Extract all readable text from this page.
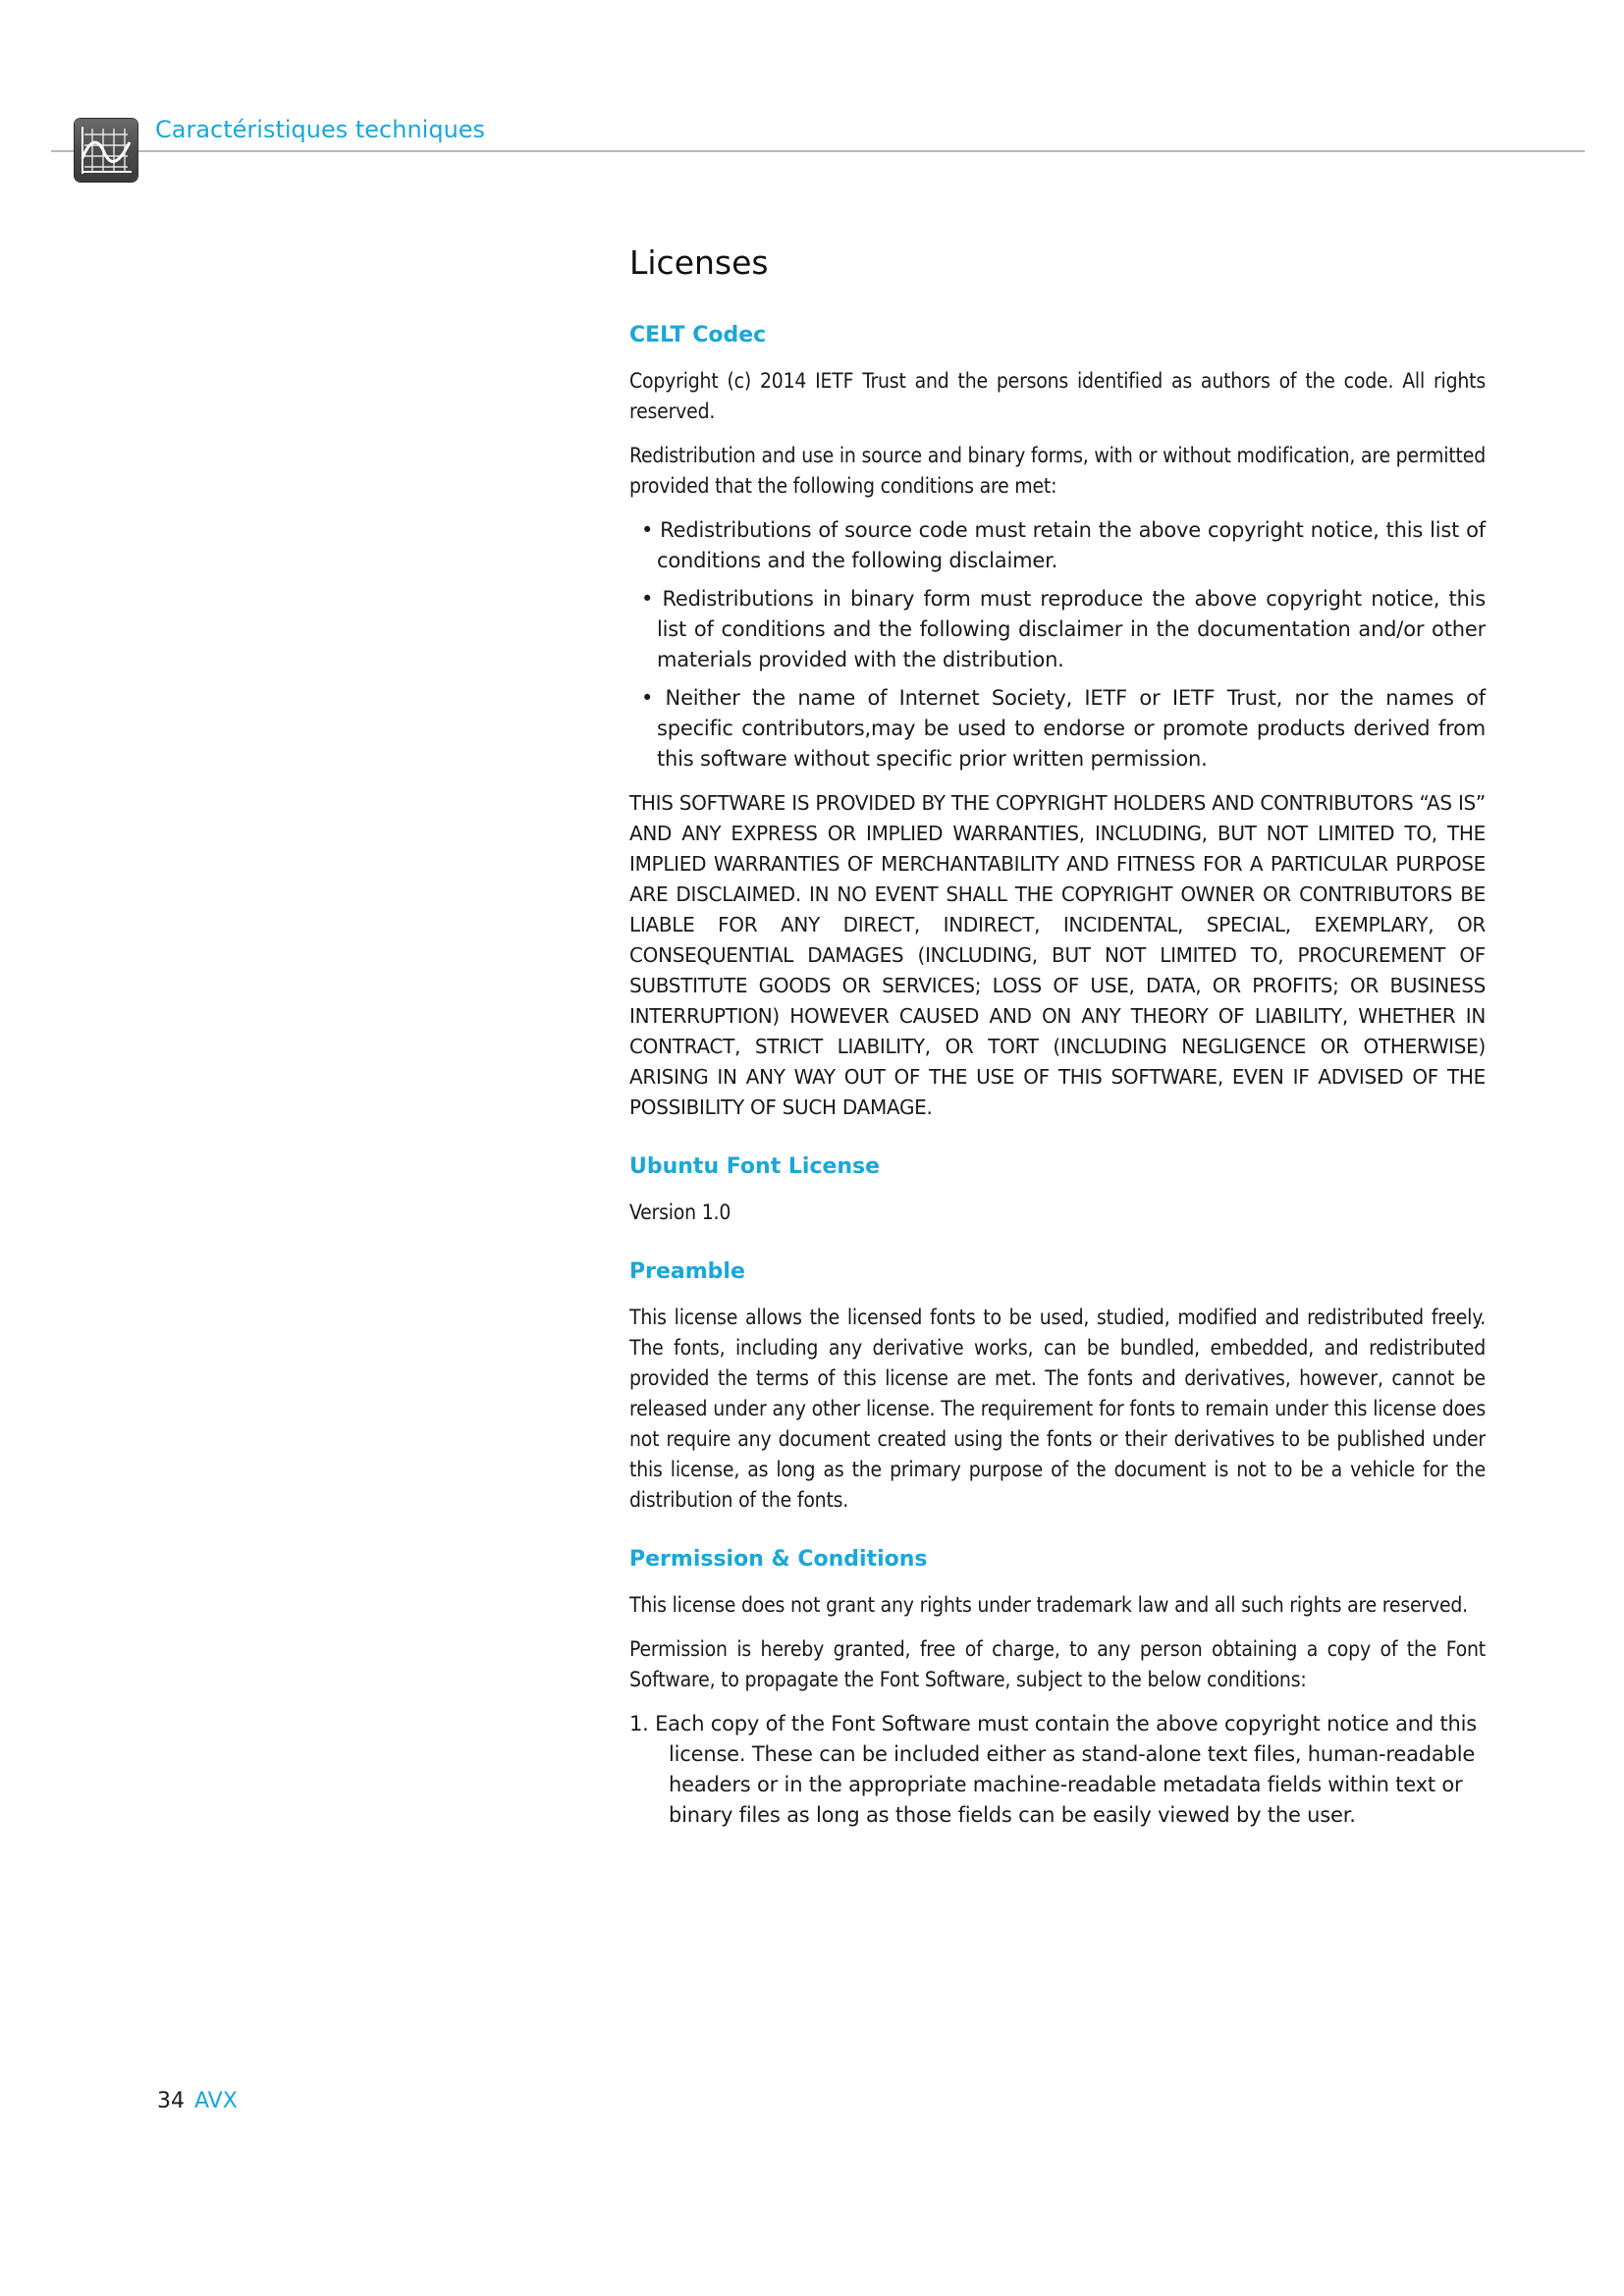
Caractéristiques techniques
Licenses
CELT Codec

Copyright (c) 2014 IETF Trust and the persons identified as authors of the code. All rights reserved.

Redistribution and use in source and binary forms, with or without modification, are permitted provided that the following conditions are met:

• Redistributions of source code must retain the above copyright notice, this list of conditions and the following disclaimer.
• Redistributions in binary form must reproduce the above copyright notice, this list of conditions and the following disclaimer in the documentation and/or other materials provided with the distribution.
• Neither the name of Internet Society, IETF or IETF Trust, nor the names of specific contributors,may be used to endorse or promote products derived from this software without specific prior written permission.

THIS SOFTWARE IS PROVIDED BY THE COPYRIGHT HOLDERS AND CONTRIBUTORS “AS IS” AND ANY EXPRESS OR IMPLIED WARRANTIES, INCLUDING, BUT NOT LIMITED TO, THE IMPLIED WARRANTIES OF MERCHANTABILITY AND FITNESS FOR A PARTICULAR PURPOSE ARE DISCLAIMED. IN NO EVENT SHALL THE COPYRIGHT OWNER OR CONTRIBUTORS BE LIABLE FOR ANY DIRECT, INDIRECT, INCIDENTAL, SPECIAL, EXEMPLARY, OR CONSEQUENTIAL DAMAGES (INCLUDING, BUT NOT LIMITED TO, PROCUREMENT OF SUBSTITUTE GOODS OR SERVICES; LOSS OF USE, DATA, OR PROFITS; OR BUSINESS INTERRUPTION) HOWEVER CAUSED AND ON ANY THEORY OF LIABILITY, WHETHER IN CONTRACT, STRICT LIABILITY, OR TORT (INCLUDING NEGLIGENCE OR OTHERWISE) ARISING IN ANY WAY OUT OF THE USE OF THIS SOFTWARE, EVEN IF ADVISED OF THE POSSIBILITY OF SUCH DAMAGE.

Ubuntu Font License

Version 1.0

Preamble

This license allows the licensed fonts to be used, studied, modified and redistributed freely. The fonts, including any derivative works, can be bundled, embedded, and redistributed provided the terms of this license are met. The fonts and derivatives, however, cannot be released under any other license. The requirement for fonts to remain under this license does not require any document created using the fonts or their derivatives to be published under this license, as long as the primary purpose of the document is not to be a vehicle for the distribution of the fonts.

Permission & Conditions

This license does not grant any rights under trademark law and all such rights are reserved.

Permission is hereby granted, free of charge, to any person obtaining a copy of the Font Software, to propagate the Font Software, subject to the below conditions:

1. Each copy of the Font Software must contain the above copyright notice and this license. These can be included either as stand-alone text files, human-readable headers or in the appropriate machine-readable metadata fields within text or binary files as long as those fields can be easily viewed by the user.
34 AVX
